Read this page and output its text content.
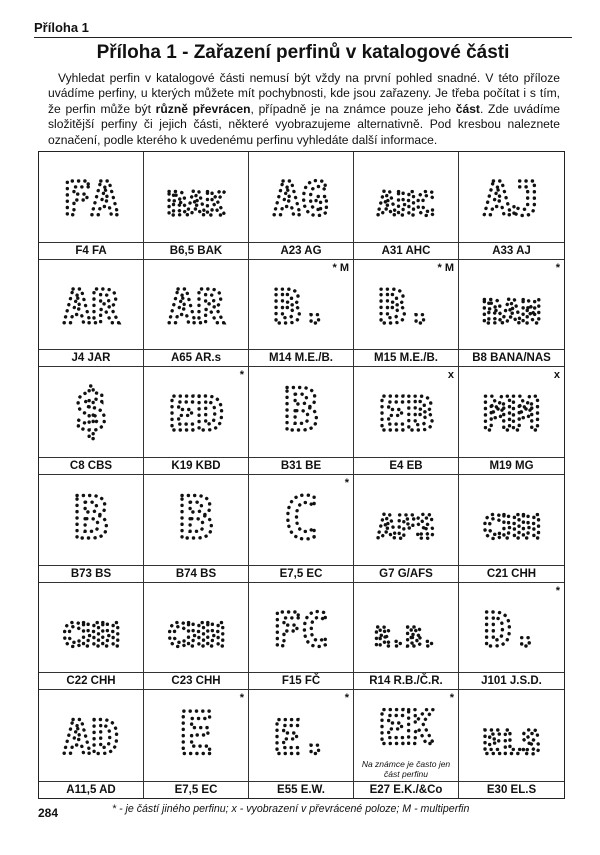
Příloha 1
Příloha 1 - Zařazení perfinů v katalogové části
Vyhledat perfin v katalogové části nemusí být vždy na první pohled snadné. V této příloze uvádíme perfiny, u kterých můžete mít pochybnosti, kde jsou zařazeny. Je třeba počítat i s tím, že perfin může být různě převrácen, případně je na známce pouze jeho část. Zde uvádíme složitější perfiny či jejich části, některé vyobrazujeme alternativně. Pod kresbou naleznete označení, podle kterého k uvedenému perfinu vyhledáte další informace.
FA
F4 FA
BAK
B6,5 BAK
AG
A23 AG
AHC
A31 AHC
AJ
A33 AJ
AR
J4 JAR
AR
A65 AR.s
B.
* M
M14 M.E./B.
B.
* M
M15 M.E./B.
BAN
*
B8 BANA/NAS
$
C8 CBS
ED
*
K19 KBD
B
B31 BE
EB
x
E4 EB
MM
x
M19 MG
B
B73 BS
B
B74 BS
C
*
E7,5 EC
AFS
G7 G/AFS
CHH
C21 CHH
CHH
C22 CHH
CHH
C23 CHH
FC
F15 FČ
R.B.
R14 R.B./Č.R.
D.
*
J101 J.S.D.
AD
A11,5 AD
E
*
E7,5 EC
E.
*
E55 E.W.
EK
*
Na známce je často jen část perfinu
E27 E.K./&Co
ELS
E30 EL.S
284	* - je částí jiného perfinu; x - vyobrazení v převrácené poloze; M - multiperfin
